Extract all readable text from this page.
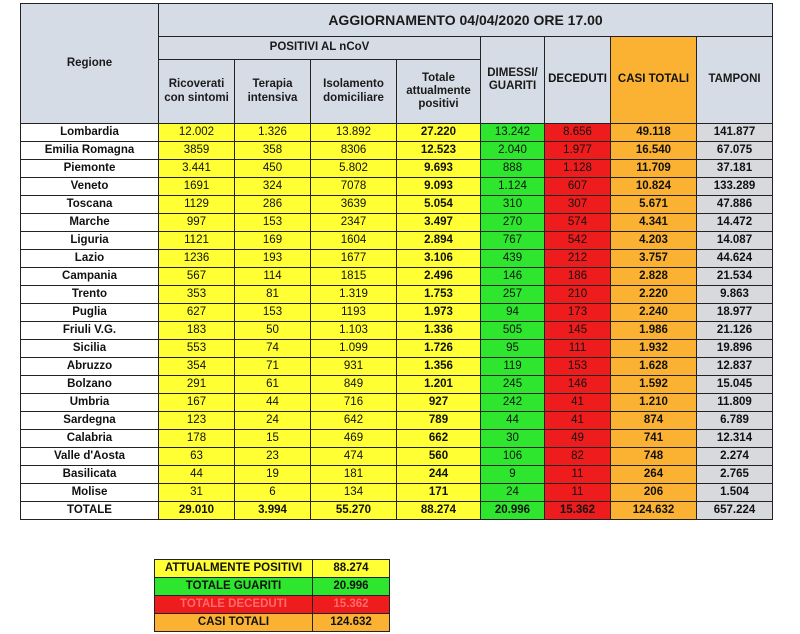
Regione	AGGIORNAMENTO 04/04/2020 ORE 17.00							
	POSITIVI AL nCoV				DIMESSI/ GUARITI	DECEDUTI	CASI TOTALI	TAMPONI
	Ricoverati con sintomi	Terapia intensiva	Isolamento domiciliare	Totale attualmente positivi				
Lombardia	12.002	1.326	13.892	27.220	13.242	8.656	49.118	141.877
Emilia Romagna	3859	358	8306	12.523	2.040	1.977	16.540	67.075
Piemonte	3.441	450	5.802	9.693	888	1.128	11.709	37.181
Veneto	1691	324	7078	9.093	1.124	607	10.824	133.289
Toscana	1129	286	3639	5.054	310	307	5.671	47.886
Marche	997	153	2347	3.497	270	574	4.341	14.472
Liguria	1121	169	1604	2.894	767	542	4.203	14.087
Lazio	1236	193	1677	3.106	439	212	3.757	44.624
Campania	567	114	1815	2.496	146	186	2.828	21.534
Trento	353	81	1.319	1.753	257	210	2.220	9.863
Puglia	627	153	1193	1.973	94	173	2.240	18.977
Friuli V.G.	183	50	1.103	1.336	505	145	1.986	21.126
Sicilia	553	74	1.099	1.726	95	111	1.932	19.896
Abruzzo	354	71	931	1.356	119	153	1.628	12.837
Bolzano	291	61	849	1.201	245	146	1.592	15.045
Umbria	167	44	716	927	242	41	1.210	11.809
Sardegna	123	24	642	789	44	41	874	6.789
Calabria	178	15	469	662	30	49	741	12.314
Valle d'Aosta	63	23	474	560	106	82	748	2.274
Basilicata	44	19	181	244	9	11	264	2.765
Molise	31	6	134	171	24	11	206	1.504
TOTALE	29.010	3.994	55.270	88.274	20.996	15.362	124.632	657.224
ATTUALMENTE POSITIVI	88.274
TOTALE GUARITI	20.996
TOTALE DECEDUTI	15.362
CASI TOTALI	124.632
